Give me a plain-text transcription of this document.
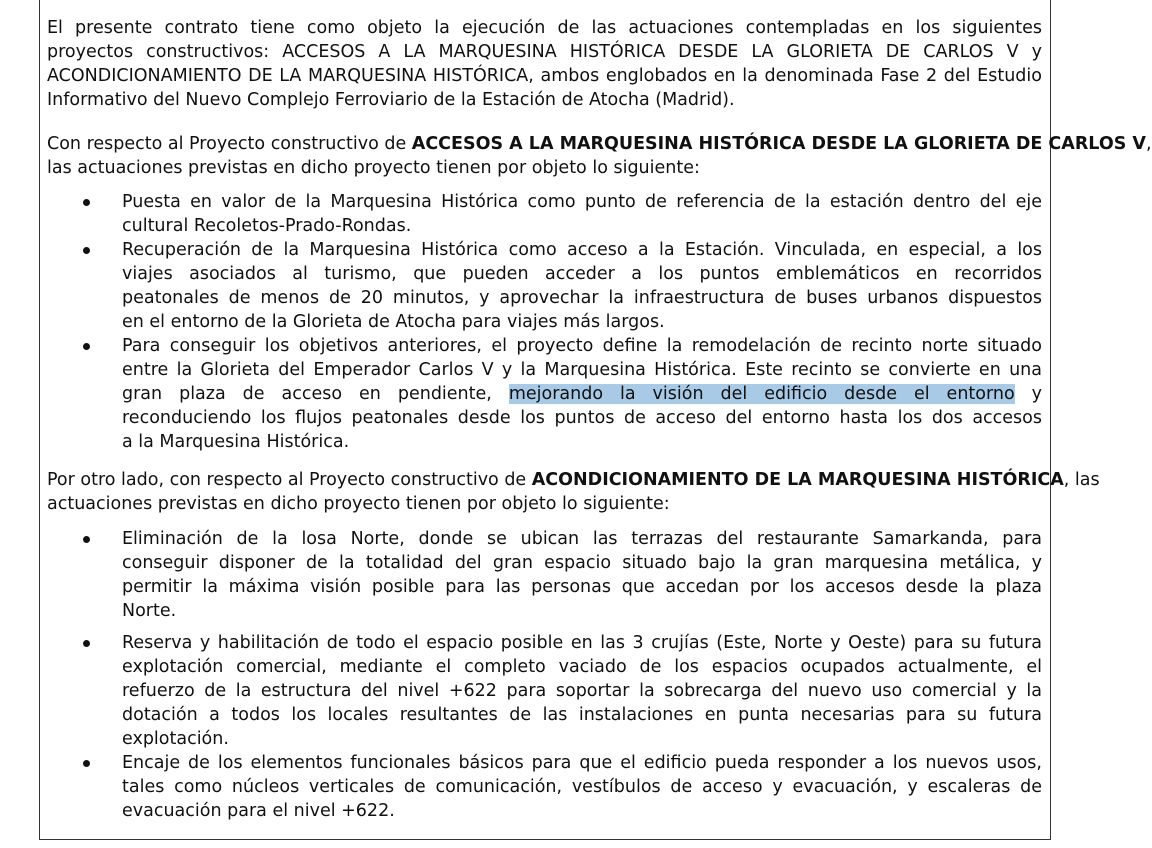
El presente contrato tiene como objeto la ejecución de las actuaciones contempladas en los siguientes
proyectos constructivos: ACCESOS A LA MARQUESINA HISTÓRICA DESDE LA GLORIETA DE CARLOS V y
ACONDICIONAMIENTO DE LA MARQUESINA HISTÓRICA, ambos englobados en la denominada Fase 2 del Estudio
Informativo del Nuevo Complejo Ferroviario de la Estación de Atocha (Madrid).
Con respecto al Proyecto constructivo de ACCESOS A LA MARQUESINA HISTÓRICA DESDE LA GLORIETA DE CARLOS V,
las actuaciones previstas en dicho proyecto tienen por objeto lo siguiente:
Puesta en valor de la Marquesina Histórica como punto de referencia de la estación dentro del eje
cultural Recoletos-Prado-Rondas.
Recuperación de la Marquesina Histórica como acceso a la Estación. Vinculada, en especial, a los
viajes asociados al turismo, que pueden acceder a los puntos emblemáticos en recorridos
peatonales de menos de 20 minutos, y aprovechar la infraestructura de buses urbanos dispuestos
en el entorno de la Glorieta de Atocha para viajes más largos.
Para conseguir los objetivos anteriores, el proyecto define la remodelación de recinto norte situado
entre la Glorieta del Emperador Carlos V y la Marquesina Histórica. Este recinto se convierte en una
gran plaza de acceso en pendiente, mejorando la visión del edificio desde el entorno y
reconduciendo los flujos peatonales desde los puntos de acceso del entorno hasta los dos accesos
a la Marquesina Histórica.
Por otro lado, con respecto al Proyecto constructivo de ACONDICIONAMIENTO DE LA MARQUESINA HISTÓRICA, las
actuaciones previstas en dicho proyecto tienen por objeto lo siguiente:
Eliminación de la losa Norte, donde se ubican las terrazas del restaurante Samarkanda, para
conseguir disponer de la totalidad del gran espacio situado bajo la gran marquesina metálica, y
permitir la máxima visión posible para las personas que accedan por los accesos desde la plaza
Norte.
Reserva y habilitación de todo el espacio posible en las 3 crujías (Este, Norte y Oeste) para su futura
explotación comercial, mediante el completo vaciado de los espacios ocupados actualmente, el
refuerzo de la estructura del nivel +622 para soportar la sobrecarga del nuevo uso comercial y la
dotación a todos los locales resultantes de las instalaciones en punta necesarias para su futura
explotación.
Encaje de los elementos funcionales básicos para que el edificio pueda responder a los nuevos usos,
tales como núcleos verticales de comunicación, vestíbulos de acceso y evacuación, y escaleras de
evacuación para el nivel +622.
